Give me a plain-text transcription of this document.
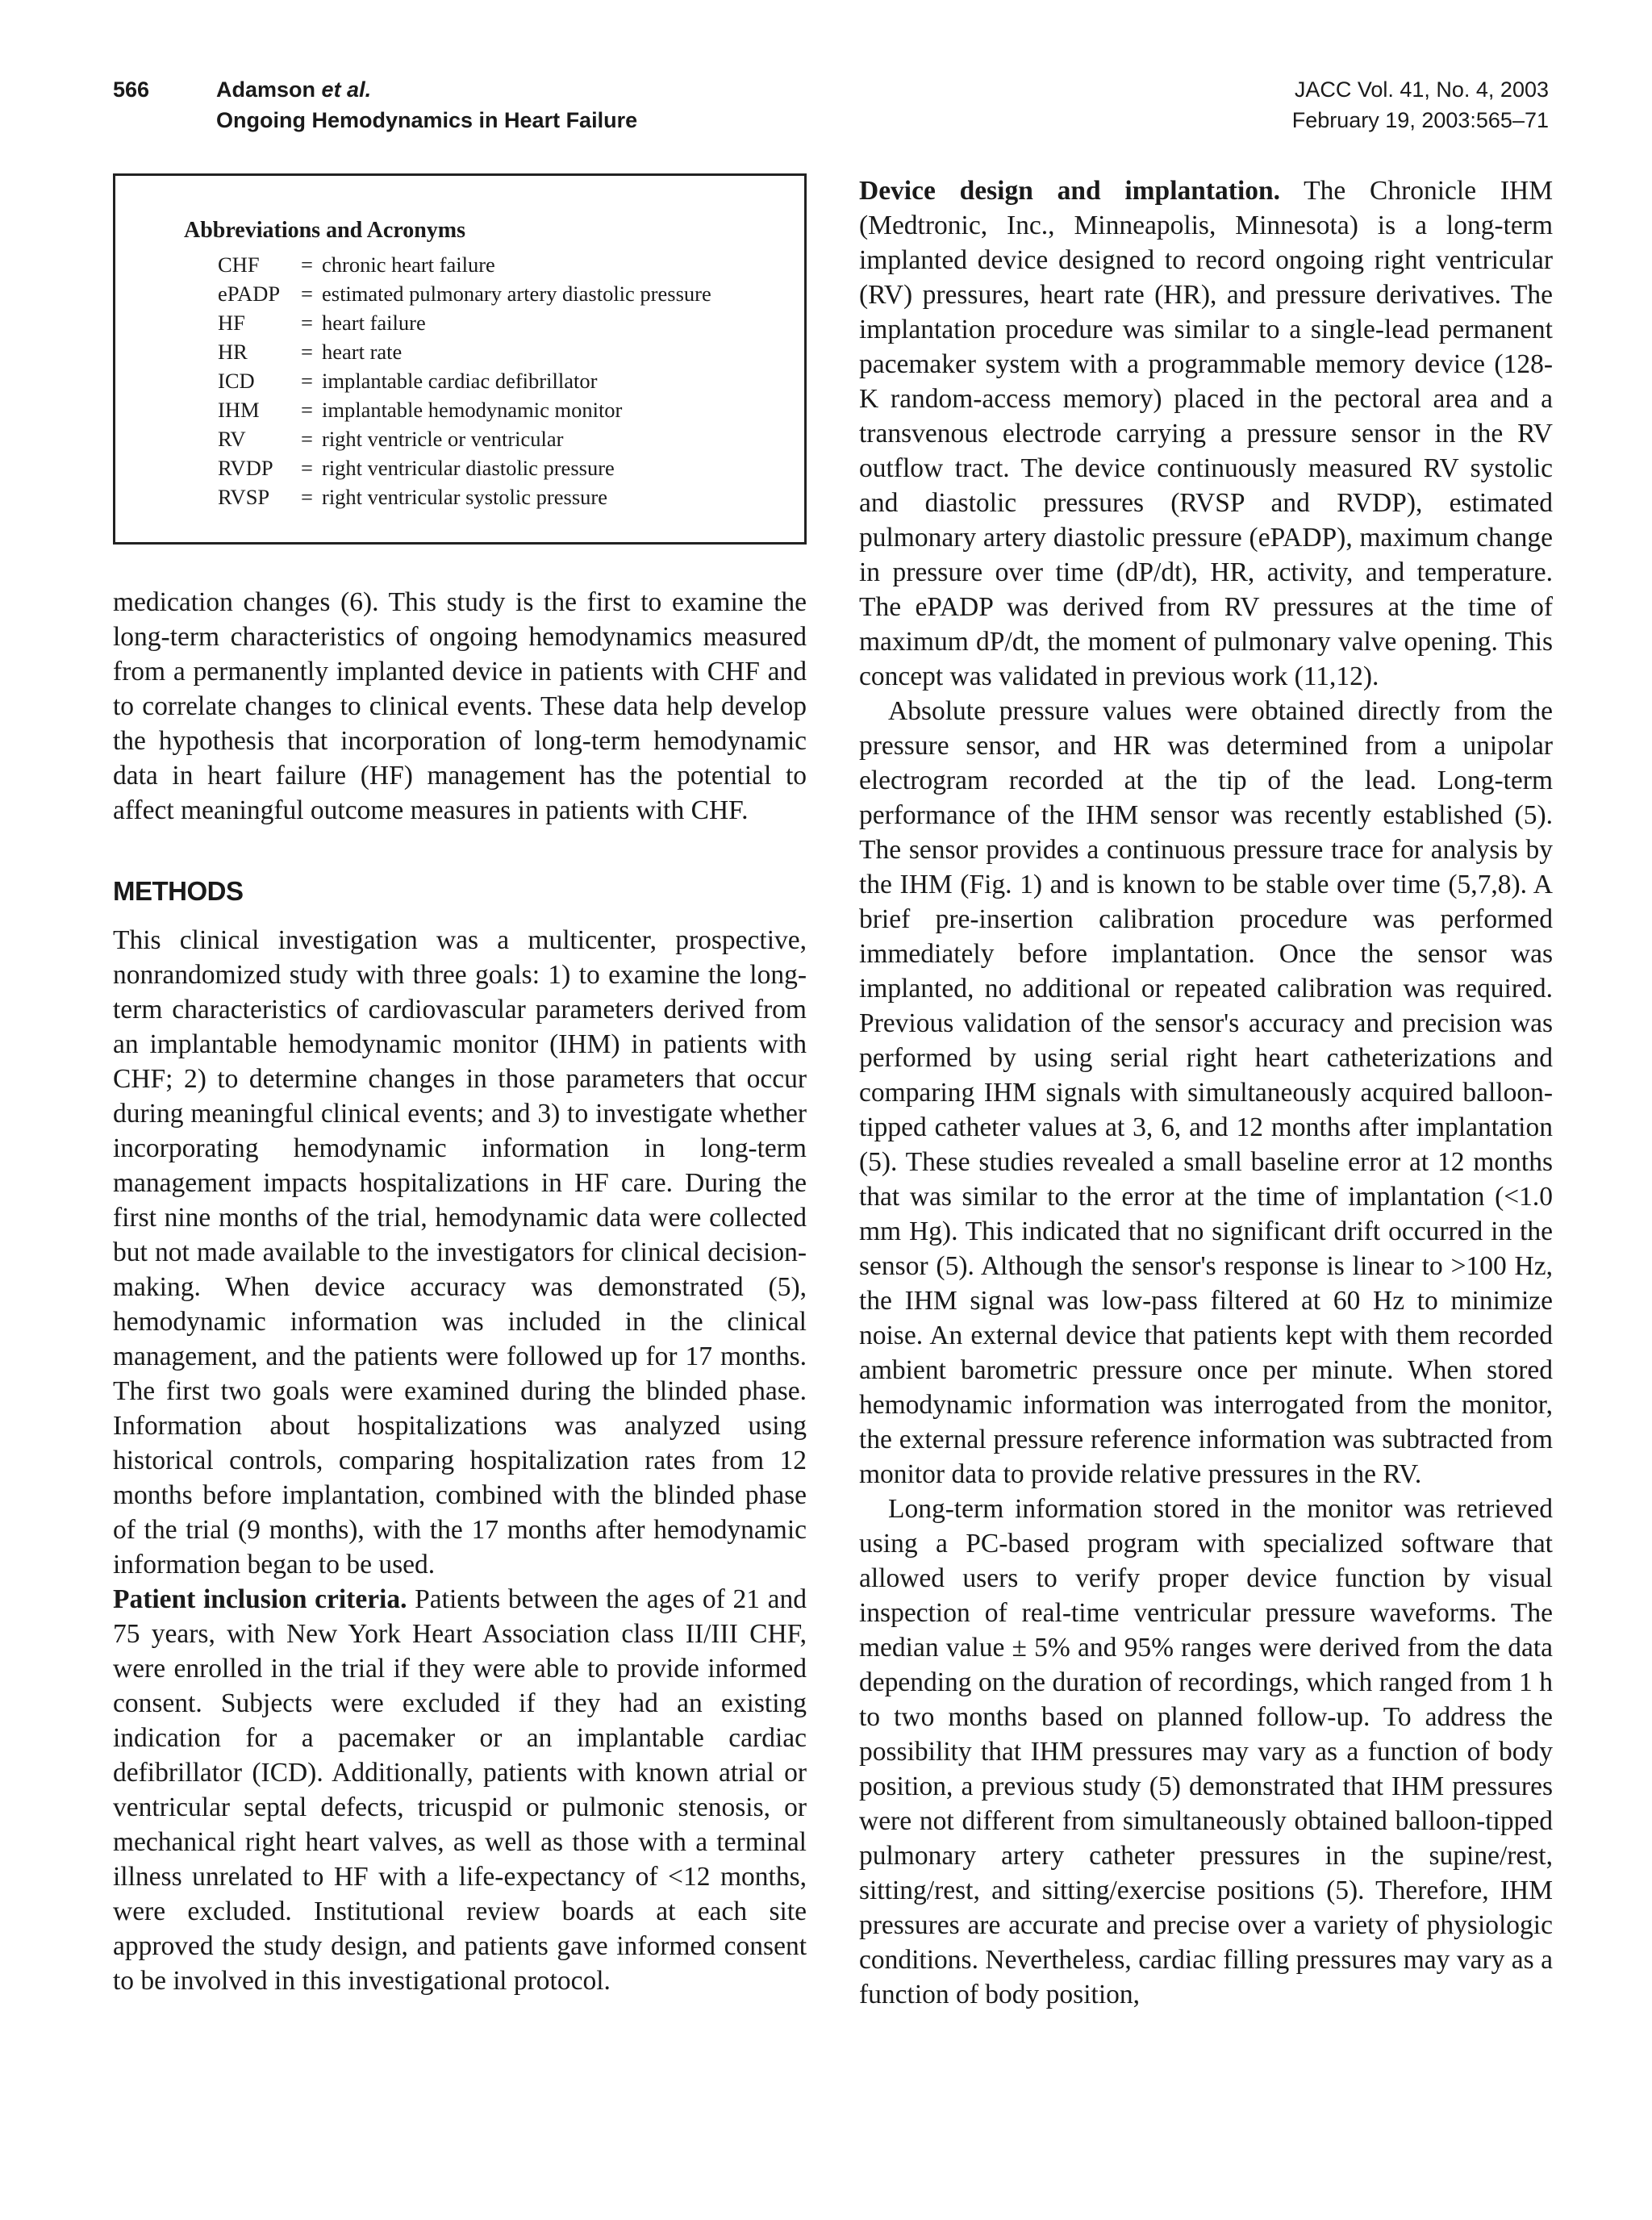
566	Adamson et al.
Ongoing Hemodynamics in Heart Failure
JACC Vol. 41, No. 4, 2003
February 19, 2003:565–71
Abbreviations and Acronyms
CHF	= chronic heart failure
ePADP = estimated pulmonary artery diastolic pressure
HF	= heart failure
HR	= heart rate
ICD	= implantable cardiac defibrillator
IHM	= implantable hemodynamic monitor
RV	= right ventricle or ventricular
RVDP	= right ventricular diastolic pressure
RVSP	= right ventricular systolic pressure

medication changes (6). This study is the first to examine the long-term characteristics of ongoing hemodynamics measured from a permanently implanted device in patients with CHF and to correlate changes to clinical events. These data help develop the hypothesis that incorporation of long-term hemodynamic data in heart failure (HF) management has the potential to affect meaningful outcome measures in patients with CHF.

METHODS

This clinical investigation was a multicenter, prospective, nonrandomized study with three goals: 1) to examine the long-term characteristics of cardiovascular parameters derived from an implantable hemodynamic monitor (IHM) in patients with CHF; 2) to determine changes in those parameters that occur during meaningful clinical events; and 3) to investigate whether incorporating hemodynamic information in long-term management impacts hospitalizations in HF care. During the first nine months of the trial, hemodynamic data were collected but not made available to the investigators for clinical decision-making. When device accuracy was demonstrated (5), hemodynamic information was included in the clinical management, and the patients were followed up for 17 months. The first two goals were examined during the blinded phase. Information about hospitalizations was analyzed using historical controls, comparing hospitalization rates from 12 months before implantation, combined with the blinded phase of the trial (9 months), with the 17 months after hemodynamic information began to be used.

Patient inclusion criteria. Patients between the ages of 21 and 75 years, with New York Heart Association class II/III CHF, were enrolled in the trial if they were able to provide informed consent. Subjects were excluded if they had an existing indication for a pacemaker or an implantable cardiac defibrillator (ICD). Additionally, patients with known atrial or ventricular septal defects, tricuspid or pulmonic stenosis, or mechanical right heart valves, as well as those with a terminal illness unrelated to HF with a life-expectancy of <12 months, were excluded. Institutional review boards at each site approved the study design, and patients gave informed consent to be involved in this investigational protocol.

Device design and implantation. The Chronicle IHM (Medtronic, Inc., Minneapolis, Minnesota) is a long-term implanted device designed to record ongoing right ventricular (RV) pressures, heart rate (HR), and pressure derivatives. The implantation procedure was similar to a single-lead permanent pacemaker system with a programmable memory device (128-K random-access memory) placed in the pectoral area and a transvenous electrode carrying a pressure sensor in the RV outflow tract. The device continuously measured RV systolic and diastolic pressures (RVSP and RVDP), estimated pulmonary artery diastolic pressure (ePADP), maximum change in pressure over time (dP/dt), HR, activity, and temperature. The ePADP was derived from RV pressures at the time of maximum dP/dt, the moment of pulmonary valve opening. This concept was validated in previous work (11,12).

Absolute pressure values were obtained directly from the pressure sensor, and HR was determined from a unipolar electrogram recorded at the tip of the lead. Long-term performance of the IHM sensor was recently established (5). The sensor provides a continuous pressure trace for analysis by the IHM (Fig. 1) and is known to be stable over time (5,7,8). A brief pre-insertion calibration procedure was performed immediately before implantation. Once the sensor was implanted, no additional or repeated calibration was required. Previous validation of the sensor's accuracy and precision was performed by using serial right heart catheterizations and comparing IHM signals with simultaneously acquired balloon-tipped catheter values at 3, 6, and 12 months after implantation (5). These studies revealed a small baseline error at 12 months that was similar to the error at the time of implantation (<1.0 mm Hg). This indicated that no significant drift occurred in the sensor (5). Although the sensor's response is linear to >100 Hz, the IHM signal was low-pass filtered at 60 Hz to minimize noise. An external device that patients kept with them recorded ambient barometric pressure once per minute. When stored hemodynamic information was interrogated from the monitor, the external pressure reference information was subtracted from monitor data to provide relative pressures in the RV.

Long-term information stored in the monitor was retrieved using a PC-based program with specialized software that allowed users to verify proper device function by visual inspection of real-time ventricular pressure waveforms. The median value ± 5% and 95% ranges were derived from the data depending on the duration of recordings, which ranged from 1 h to two months based on planned follow-up. To address the possibility that IHM pressures may vary as a function of body position, a previous study (5) demonstrated that IHM pressures were not different from simultaneously obtained balloon-tipped pulmonary artery catheter pressures in the supine/rest, sitting/rest, and sitting/exercise positions (5). Therefore, IHM pressures are accurate and precise over a variety of physiologic conditions. Nevertheless, cardiac filling pressures may vary as a function of body position,
